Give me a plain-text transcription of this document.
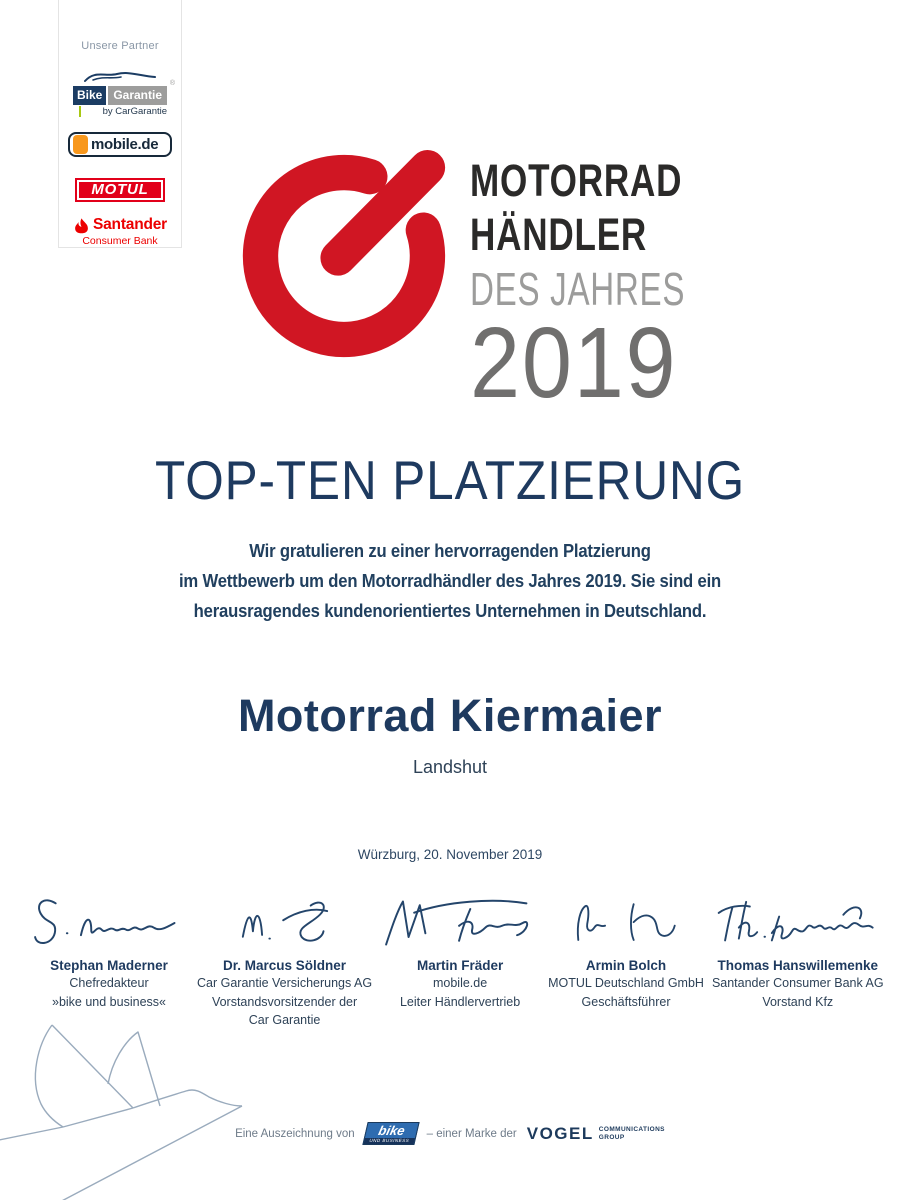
Unsere Partner
Bike Garantie
®
by CarGarantie
mobile.de
MOTUL
Santander
Consumer Bank
MOTORRAD
HÄNDLER
DES JAHRES
2019
TOP-TEN PLATZIERUNG
Wir gratulieren zu einer hervorragenden Platzierung
im Wettbewerb um den Motorradhändler des Jahres 2019. Sie sind ein
herausragendes kundenorientiertes Unternehmen in Deutschland.
Motorrad Kiermaier
Landshut
Würzburg, 20. November 2019
Stephan Maderner
Chefredakteur
»bike und business«
Dr. Marcus Söldner
Car Garantie Versicherungs AG
Vorstandsvorsitzender der
Car Garantie
Martin Fräder
mobile.de
Leiter Händlervertrieb
Armin Bolch
MOTUL Deutschland GmbH
Geschäftsführer
Thomas Hanswillemenke
Santander Consumer Bank AG
Vorstand Kfz
Eine Auszeichnung von	bike
UND BUSINESS
– einer Marke der VOGEL COMMUNICATIONS
GROUP
